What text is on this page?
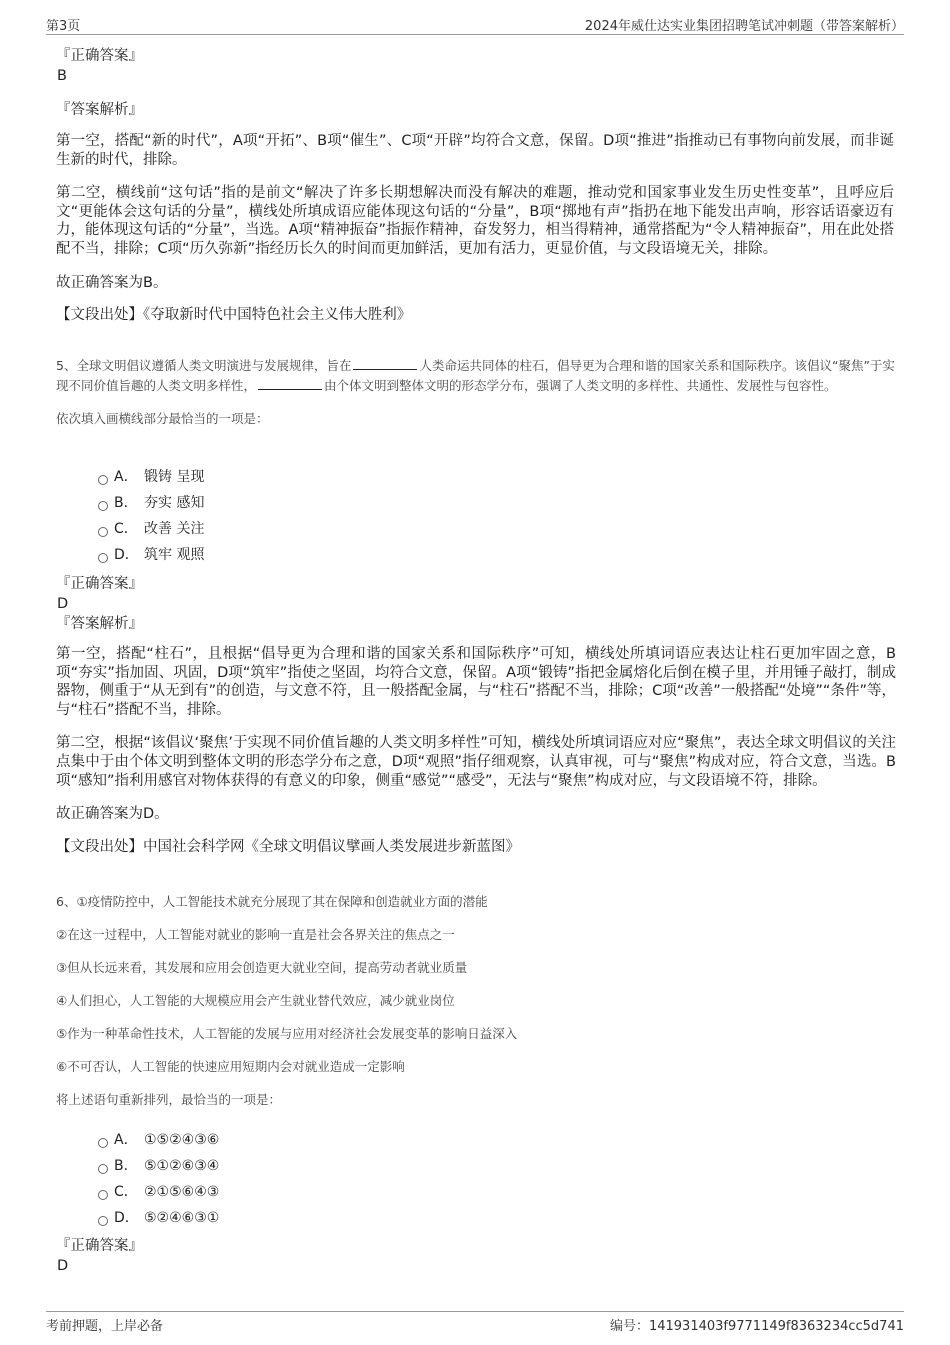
第3页	2024年威仕达实业集团招聘笔试冲刺题（带答案解析）

『正确答案』

B

『答案解析』

第一空，搭配“新的时代”，A项“开拓”、B项“催生”、C项“开辟”均符合文意，保留。D项“推进”指推动已有事物向前发展，而非诞生新的时代，排除。

第二空，横线前“这句话”指的是前文“解决了许多长期想解决而没有解决的难题，推动党和国家事业发生历史性变革”，且呼应后文“更能体会这句话的分量”，横线处所填成语应能体现这句话的“分量”，B项“掷地有声”指扔在地下能发出声响，形容话语豪迈有力，能体现这句话的“分量”，当选。A项“精神振奋”指振作精神，奋发努力，相当得精神，通常搭配为“令人精神振奋”，用在此处搭配不当，排除；C项“历久弥新”指经历长久的时间而更加鲜活，更加有活力，更显价值，与文段语境无关，排除。

故正确答案为B。

【文段出处】《夺取新时代中国特色社会主义伟大胜利》

5、全球文明倡议遵循人类文明演进与发展规律，旨在	人类命运共同体的柱石，倡导更为合理和谐的国家关系和国际秩序。该倡议“聚焦”于实现不同价值旨趣的人类文明多样性，	由个体文明到整体文明的形态学分布，强调了人类文明的多样性、共通性、发展性与包容性。

依次填入画横线部分最恰当的一项是：

A． 锻铸 呈现
B． 夯实 感知
C． 改善 关注
D． 筑牢 观照

『正确答案』

D

『答案解析』

第一空，搭配“柱石”，且根据“倡导更为合理和谐的国家关系和国际秩序”可知，横线处所填词语应表达让柱石更加牢固之意，B项“夯实”指加固、巩固，D项“筑牢”指使之坚固，均符合文意，保留。A项“锻铸”指把金属熔化后倒在模子里，并用锤子敲打，制成器物，侧重于“从无到有”的创造，与文意不符，且一般搭配金属，与“柱石”搭配不当，排除；C项“改善”一般搭配“处境”“条件”等，与“柱石”搭配不当，排除。

第二空，根据“该倡议‘聚焦’于实现不同价值旨趣的人类文明多样性”可知，横线处所填词语应对应“聚焦”，表达全球文明倡议的关注点集中于由个体文明到整体文明的形态学分布之意，D项“观照”指仔细观察，认真审视，可与“聚焦”构成对应，符合文意，当选。B项“感知”指利用感官对物体获得的有意义的印象，侧重“感觉”“感受”，无法与“聚焦”构成对应，与文段语境不符，排除。

故正确答案为D。

【文段出处】中国社会科学网《全球文明倡议擘画人类发展进步新蓝图》

6、①疫情防控中，人工智能技术就充分展现了其在保障和创造就业方面的潜能

②在这一过程中，人工智能对就业的影响一直是社会各界关注的焦点之一

③但从长远来看，其发展和应用会创造更大就业空间，提高劳动者就业质量

④人们担心，人工智能的大规模应用会产生就业替代效应，减少就业岗位

⑤作为一种革命性技术，人工智能的发展与应用对经济社会发展变革的影响日益深入

⑥不可否认，人工智能的快速应用短期内会对就业造成一定影响

将上述语句重新排列，最恰当的一项是：

A． ①⑤②④③⑥
B． ⑤①②⑥③④
C． ②①⑤⑥④③
D． ⑤②④⑥③①

『正确答案』

D

考前押题，上岸必备	编号：141931403f9771149f8363234cc5d741
